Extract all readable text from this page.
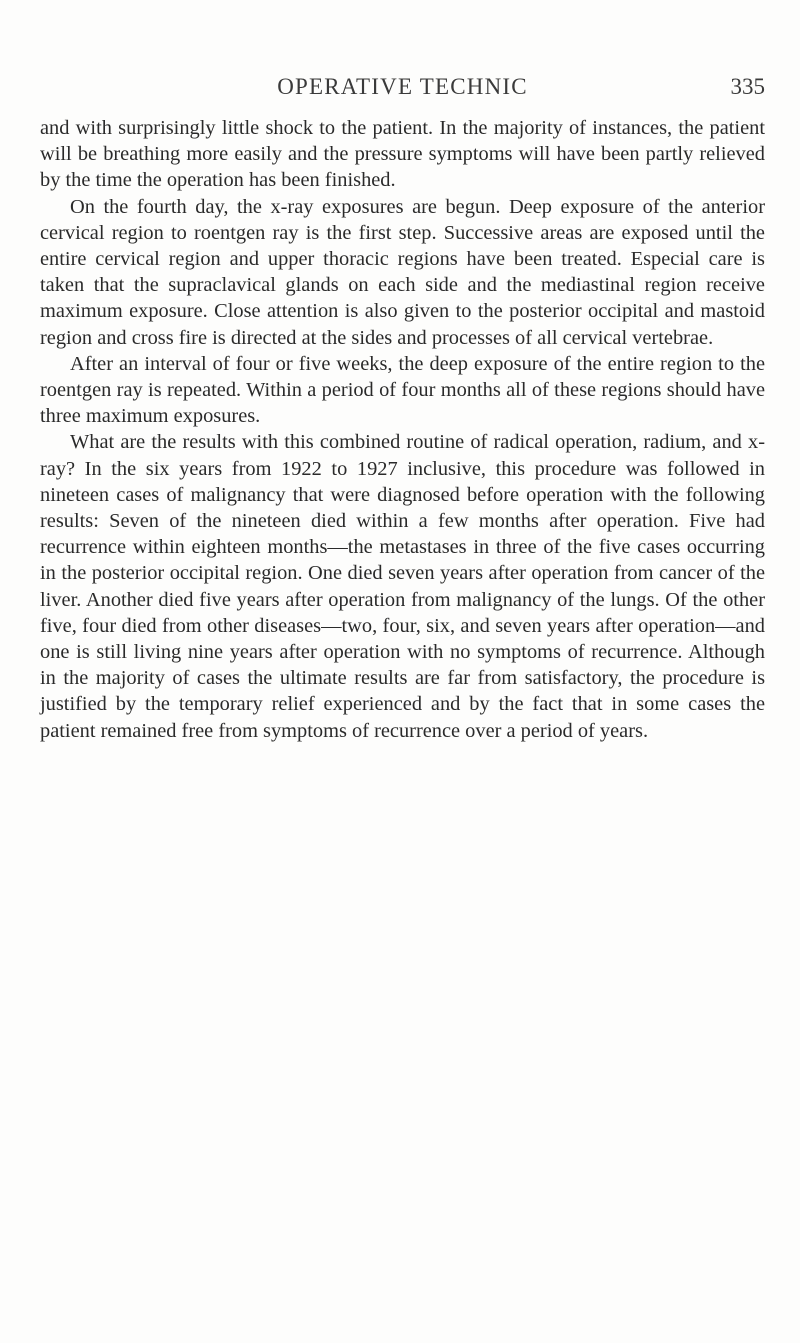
OPERATIVE TECHNIC	335

and with surprisingly little shock to the patient. In the majority of instances, the patient will be breathing more easily and the pressure symptoms will have been partly relieved by the time the operation has been finished.

On the fourth day, the x-ray exposures are begun. Deep exposure of the anterior cervical region to roentgen ray is the first step. Successive areas are exposed until the entire cervical region and upper thoracic regions have been treated. Especial care is taken that the supraclavical glands on each side and the mediastinal region receive maximum exposure. Close attention is also given to the posterior occipital and mastoid region and cross fire is directed at the sides and processes of all cervical vertebrae.

After an interval of four or five weeks, the deep exposure of the entire region to the roentgen ray is repeated. Within a period of four months all of these regions should have three maximum exposures.

What are the results with this combined routine of radical operation, radium, and x-ray? In the six years from 1922 to 1927 inclusive, this procedure was followed in nineteen cases of malignancy that were diagnosed before operation with the following results: Seven of the nineteen died within a few months after operation. Five had recurrence within eighteen months—the metastases in three of the five cases occurring in the posterior occipital region. One died seven years after operation from cancer of the liver. Another died five years after operation from malignancy of the lungs. Of the other five, four died from other diseases—two, four, six, and seven years after operation—and one is still living nine years after operation with no symptoms of recurrence. Although in the majority of cases the ultimate results are far from satisfactory, the procedure is justified by the temporary relief experienced and by the fact that in some cases the patient remained free from symptoms of recurrence over a period of years.
